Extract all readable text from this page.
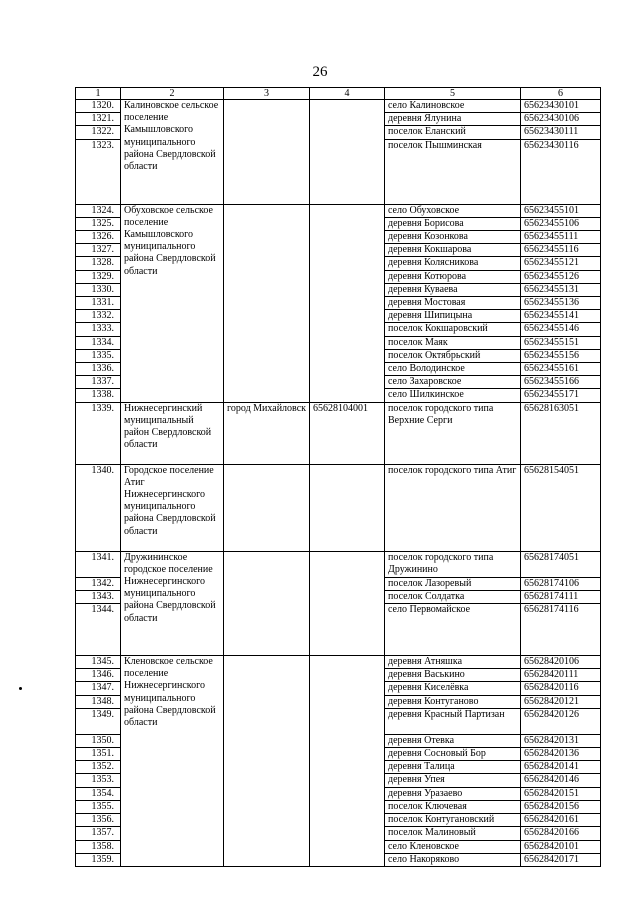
26
1	2	3	4	5	6
1320.	Калиновское сельское поселение Камышловского муниципального района Свердловской области			село Калиновское	65623430101
1321.				деревня Ялунина	65623430106
1322.				поселок Еланский	65623430111
1323.				поселок Пышминская	65623430116
1324.	Обуховское сельское поселение Камышловского муниципального района Свердловской области			село Обуховское	65623455101
1325.				деревня Борисова	65623455106
1326.				деревня Козонкова	65623455111
1327.				деревня Кокшарова	65623455116
1328.				деревня Колясникова	65623455121
1329.				деревня Котюрова	65623455126
1330.				деревня Куваева	65623455131
1331.				деревня Мостовая	65623455136
1332.				деревня Шипицына	65623455141
1333.				поселок Кокшаровский	65623455146
1334.				поселок Маяк	65623455151
1335.				поселок Октябрьский	65623455156
1336.				село Володинское	65623455161
1337.				село Захаровское	65623455166
1338.				село Шилкинское	65623455171
1339.	Нижнесергинский муниципальный район Свердловской области	город Михайловск	65628104001	поселок городского типа Верхние Серги	65628163051
1340.	Городское поселение Атиг Нижнесергинского муниципального района Свердловской области			поселок городского типа Атиг	65628154051
1341.	Дружининское городское поселение Нижнесергинского муниципального района Свердловской области			поселок городского типа Дружинино	65628174051
1342.				поселок Лазоревый	65628174106
1343.				поселок Солдатка	65628174111
1344.				село Первомайское	65628174116
1345.	Кленовское сельское поселение Нижнесергинского муниципального района Свердловской области			деревня Атняшка	65628420106
1346.				деревня Васькино	65628420111
1347.				деревня Киселёвка	65628420116
1348.				деревня Контуганово	65628420121
1349.				деревня Красный Партизан	65628420126
1350.				деревня Отевка	65628420131
1351.				деревня Сосновый Бор	65628420136
1352.				деревня Талица	65628420141
1353.				деревня Упея	65628420146
1354.				деревня Уразаево	65628420151
1355.				поселок Ключевая	65628420156
1356.				поселок Контугановский	65628420161
1357.				поселок Малиновый	65628420166
1358.				село Кленовское	65628420101
1359.				село Накоряково	65628420171
